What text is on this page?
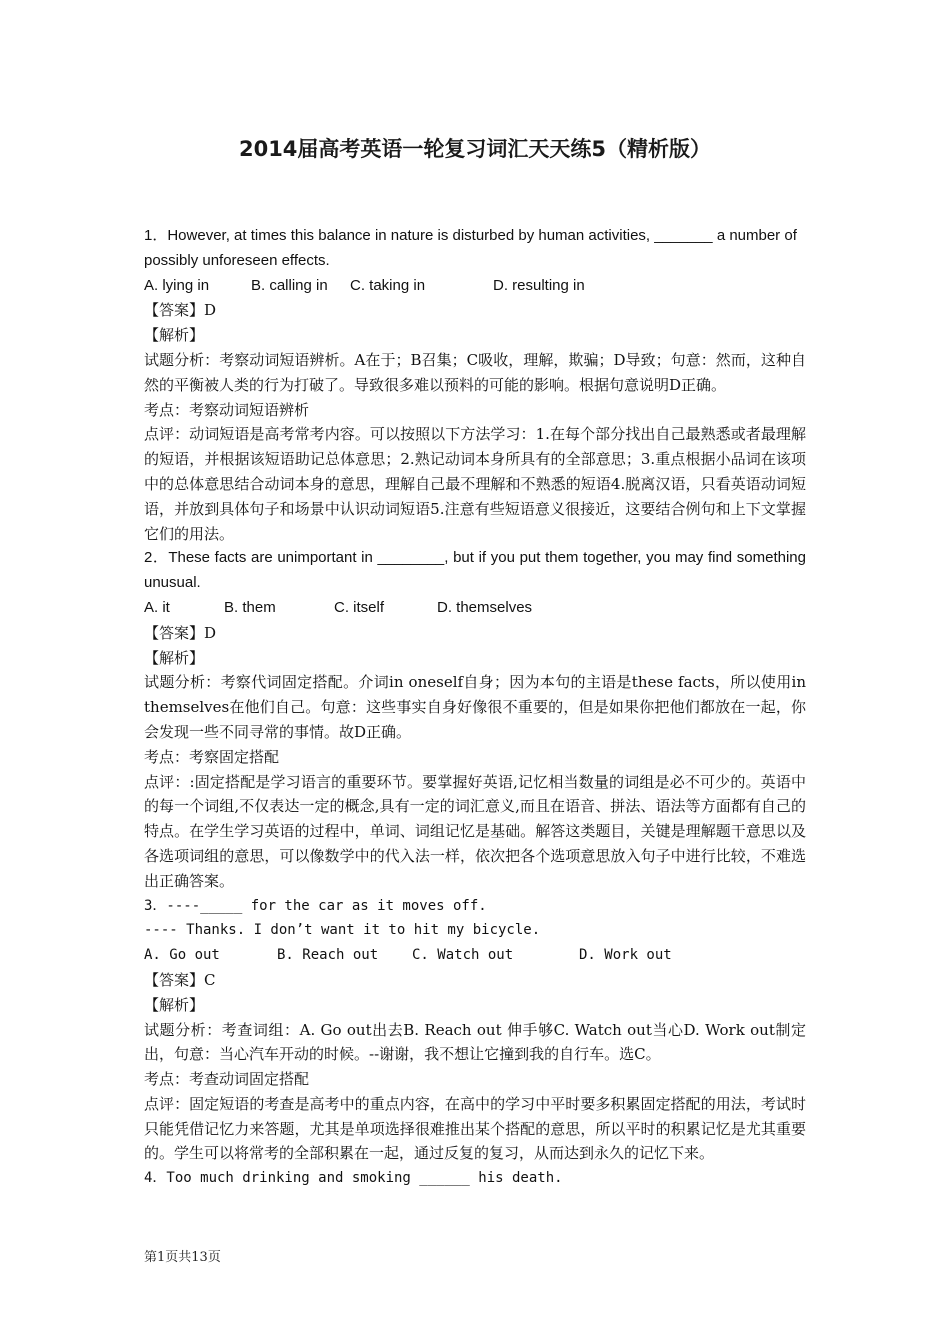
2014届高考英语一轮复习词汇天天练5（精析版）

1．However, at times this balance in nature is disturbed by human activities, _______ a number of possibly unforeseen effects.

A. lying in	B. calling in C. taking in	D. resulting in

【答案】D

【解析】

试题分析：考察动词短语辨析。A在于；B召集；C吸收，理解，欺骗；D导致；句意：然而，这种自然的平衡被人类的行为打破了。导致很多难以预料的可能的影响。根据句意说明D正确。

考点：考察动词短语辨析

点评：动词短语是高考常考内容。可以按照以下方法学习：1.在每个部分找出自己最熟悉或者最理解的短语，并根据该短语助记总体意思；2.熟记动词本身所具有的全部意思；3.重点根据小品词在该项中的总体意思结合动词本身的意思，理解自己最不理解和不熟悉的短语4.脱离汉语，只看英语动词短语，并放到具体句子和场景中认识动词短语5.注意有些短语意义很接近，这要结合例句和上下文掌握它们的用法。

2．These facts are unimportant in ________, but if you put them together, you may find something unusual.

A. it	B. them	C. itself	D. themselves

【答案】D

【解析】

试题分析：考察代词固定搭配。介词in oneself自身；因为本句的主语是these facts，所以使用in themselves在他们自己。句意：这些事实自身好像很不重要的，但是如果你把他们都放在一起，你会发现一些不同寻常的事情。故D正确。

考点：考察固定搭配

点评：:固定搭配是学习语言的重要环节。要掌握好英语,记忆相当数量的词组是必不可少的。英语中的每一个词组,不仅表达一定的概念,具有一定的词汇意义,而且在语音、拼法、语法等方面都有自己的特点。在学生学习英语的过程中，单词、词组记忆是基础。解答这类题目，关键是理解题干意思以及各选项词组的意思，可以像数学中的代入法一样，依次把各个选项意思放入句子中进行比较，不难选出正确答案。

3．----_____ for the car as it moves off.

---- Thanks. I don’t want it to hit my bicycle.

A. Go out	B. Reach out C. Watch out	D. Work out

【答案】C

【解析】

试题分析：考查词组：A. Go out出去B. Reach out 伸手够C. Watch out当心D. Work out制定出，句意：当心汽车开动的时候。--谢谢，我不想让它撞到我的自行车。选C。

考点：考查动词固定搭配

点评：固定短语的考查是高考中的重点内容，在高中的学习中平时要多积累固定搭配的用法，考试时只能凭借记忆力来答题，尤其是单项选择很难推出某个搭配的意思，所以平时的积累记忆是尤其重要的。学生可以将常考的全部积累在一起，通过反复的复习，从而达到永久的记忆下来。

4．Too much drinking and smoking ______ his death.

第1页共13页
